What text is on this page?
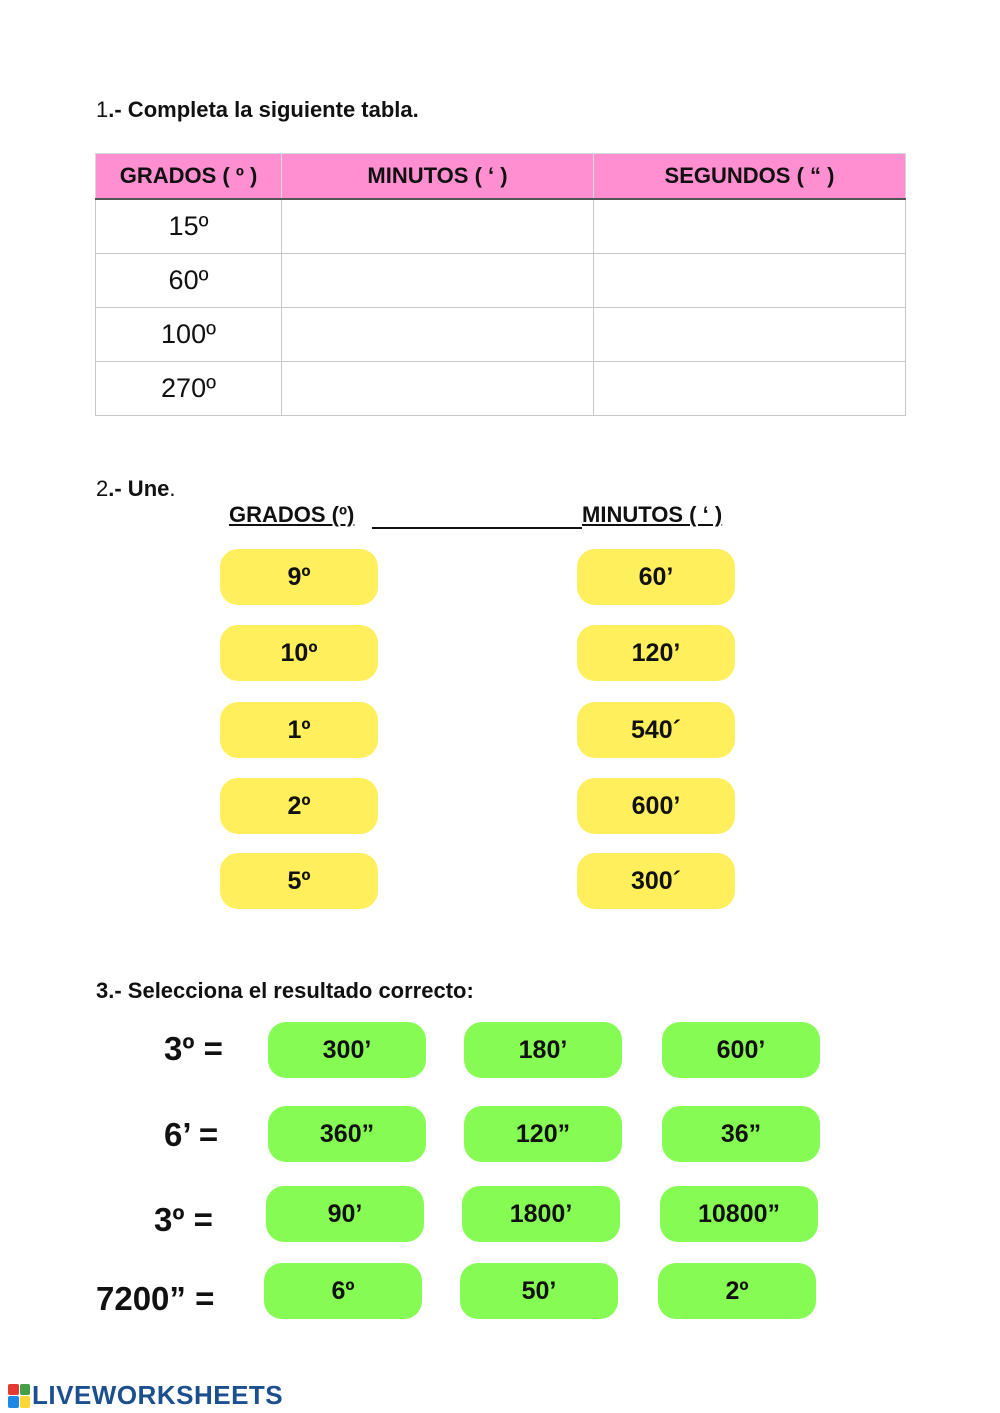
1.- Completa la siguiente tabla.
GRADOS ( º )	MINUTOS ( ‘ )	SEGUNDOS ( “ )
15º		
60º		
100º		
270º		
2.- Une.
GRADOS (º)	MINUTOS ( ‘ )
9º
10º
1º
2º
5º
60’
120’
540´
600’
300´
3.- Selecciona el resultado correcto:
3º =	300’	180’	600’
6’ =	360”	120”	36”
3º =	90’	1800’	10800”
7200” =	6º	50’	2º
LIVEWORKSHEETS
